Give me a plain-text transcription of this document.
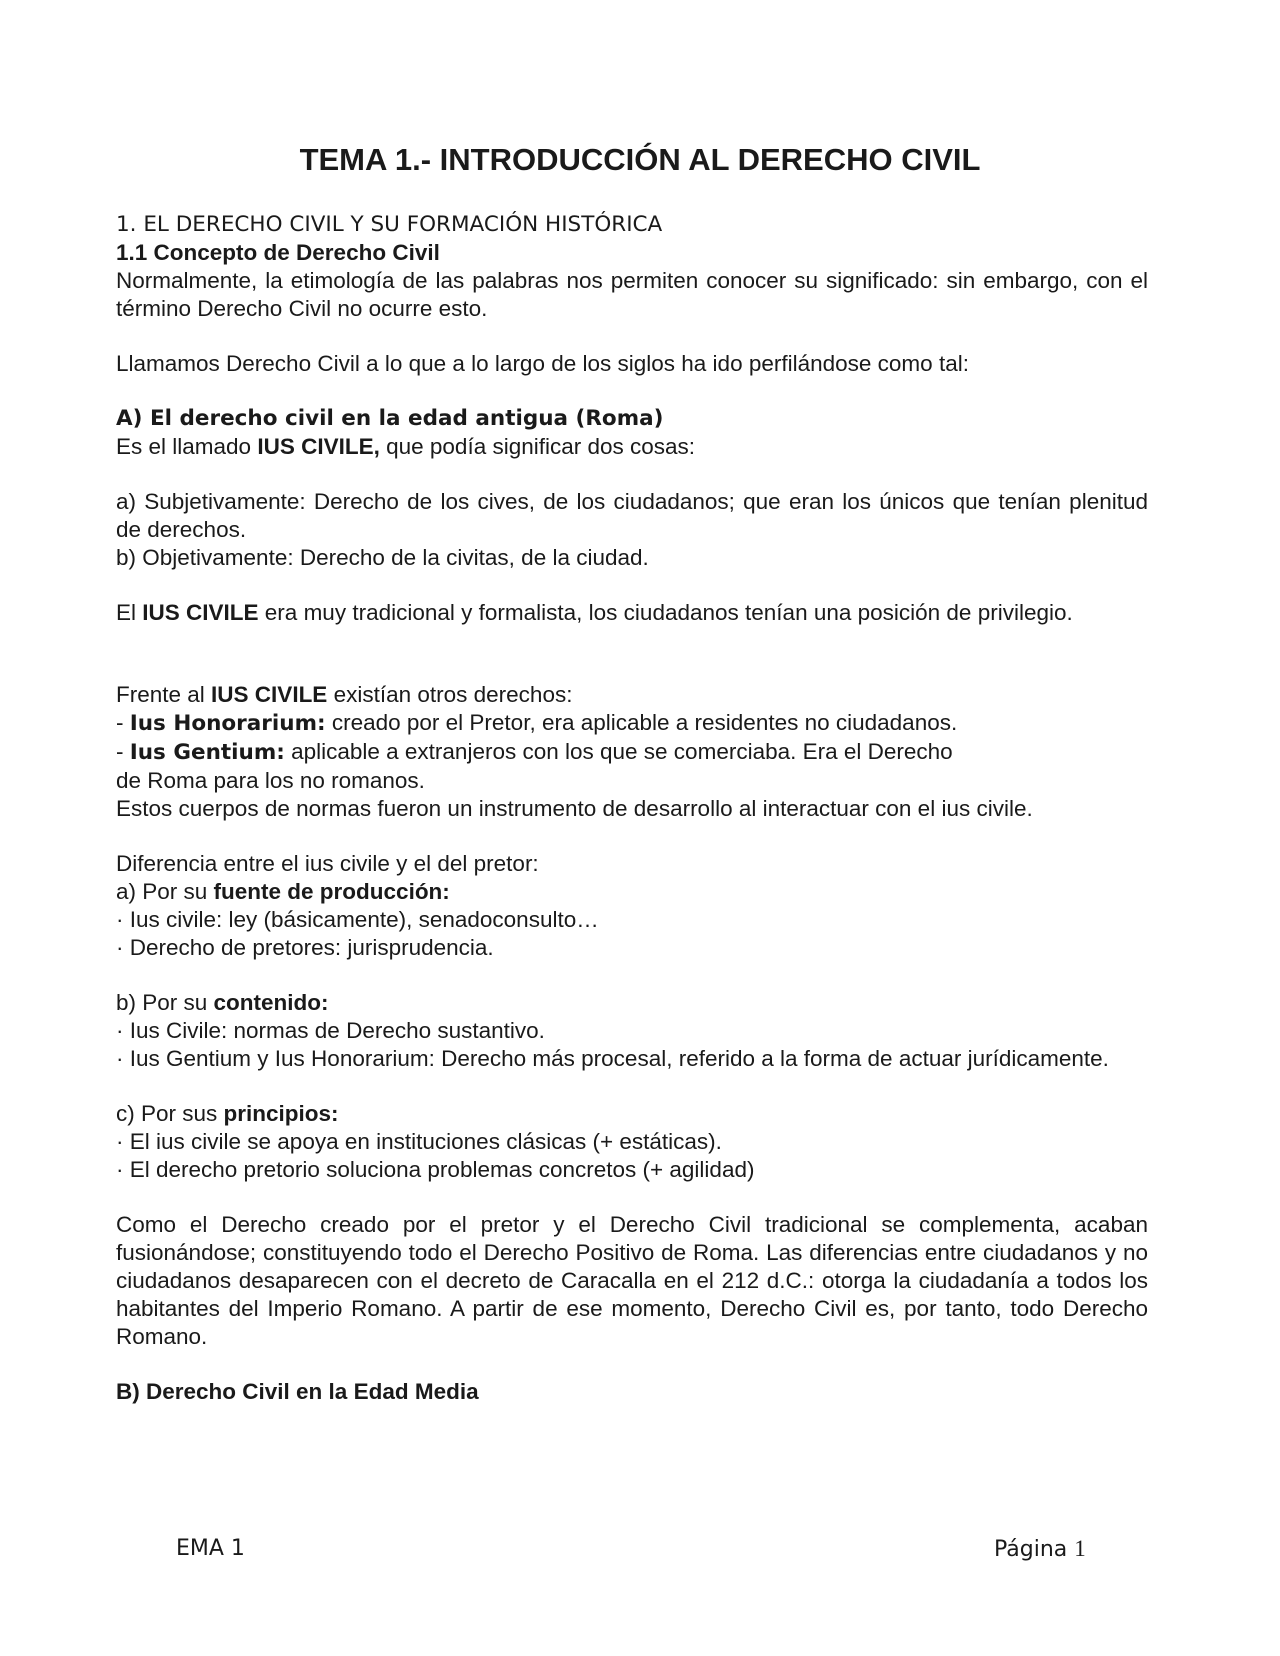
TEMA 1.- INTRODUCCIÓN AL DERECHO CIVIL

1. EL DERECHO CIVIL Y SU FORMACIÓN HISTÓRICA

1.1 Concepto de Derecho Civil

Normalmente, la etimología de las palabras nos permiten conocer su significado: sin embargo, con el término Derecho Civil no ocurre esto.

Llamamos Derecho Civil a lo que a lo largo de los siglos ha ido perfilándose como tal:

A) El derecho civil en la edad antigua (Roma)

Es el llamado IUS CIVILE, que podía significar dos cosas:

a) Subjetivamente: Derecho de los cives, de los ciudadanos; que eran los únicos que tenían plenitud de derechos.

b) Objetivamente: Derecho de la civitas, de la ciudad.

El IUS CIVILE era muy tradicional y formalista, los ciudadanos tenían una posición de privilegio.

Frente al IUS CIVILE existían otros derechos:

- Ius Honorarium: creado por el Pretor, era aplicable a residentes no ciudadanos.

- Ius Gentium: aplicable a extranjeros con los que se comerciaba. Era el Derecho

de Roma para los no romanos.

Estos cuerpos de normas fueron un instrumento de desarrollo al interactuar con el ius civile.

Diferencia entre el ius civile y el del pretor:

a) Por su fuente de producción:

· Ius civile: ley (básicamente), senadoconsulto…

· Derecho de pretores: jurisprudencia.

b) Por su contenido:

· Ius Civile: normas de Derecho sustantivo.

· Ius Gentium y Ius Honorarium: Derecho más procesal, referido a la forma de actuar jurídicamente.

c) Por sus principios:

· El ius civile se apoya en instituciones clásicas (+ estáticas).

· El derecho pretorio soluciona problemas concretos (+ agilidad)

Como el Derecho creado por el pretor y el Derecho Civil tradicional se complementa, acaban fusionándose; constituyendo todo el Derecho Positivo de Roma. Las diferencias entre ciudadanos y no ciudadanos desaparecen con el decreto de Caracalla en el 212 d.C.: otorga la ciudadanía a todos los habitantes del Imperio Romano. A partir de ese momento, Derecho Civil es, por tanto, todo Derecho Romano.

B) Derecho Civil en la Edad Media

EMA 1	Página 1
